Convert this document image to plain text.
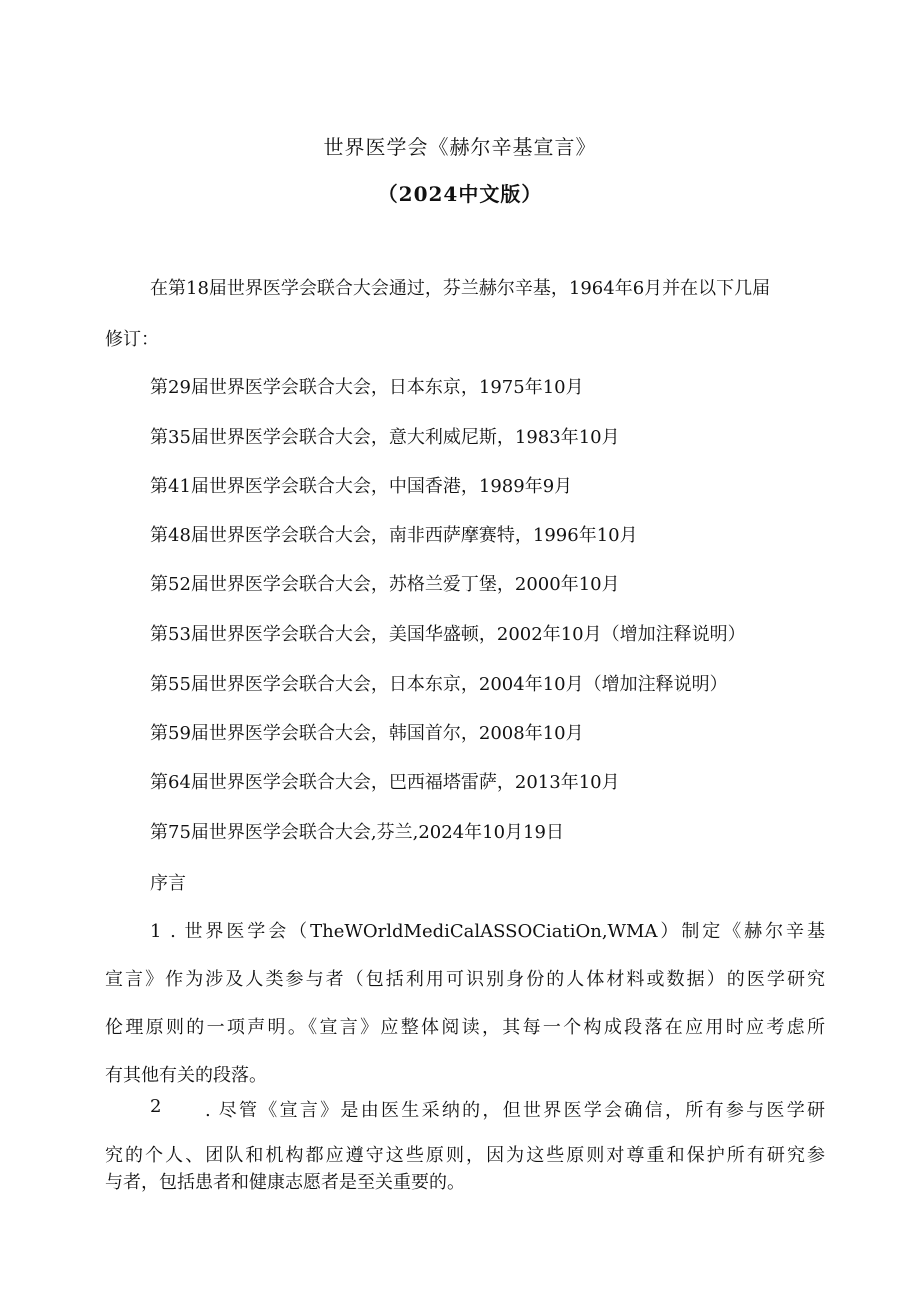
世界医学会《赫尔辛基宣言》
（2024中文版）
在第18届世界医学会联合大会通过，芬兰赫尔辛基，1964年6月并在以下几届
修订：
第29届世界医学会联合大会，日本东京，1975年10月
第35届世界医学会联合大会，意大利威尼斯，1983年10月
第41届世界医学会联合大会，中国香港，1989年9月
第48届世界医学会联合大会，南非西萨摩赛特，1996年10月
第52届世界医学会联合大会，苏格兰爱丁堡，2000年10月
第53届世界医学会联合大会，美国华盛顿，2002年10月（增加注释说明）
第55届世界医学会联合大会，日本东京，2004年10月（增加注释说明）
第59届世界医学会联合大会，韩国首尔，2008年10月
第64届世界医学会联合大会，巴西福塔雷萨，2013年10月
第75届世界医学会联合大会,芬兰,2024年10月19日
序言
1 . 世界医学会（TheWOrldMediCalASSOCiatiOn,WMA）制定《赫尔辛基
宣言》作为涉及人类参与者（包括利用可识别身份的人体材料或数据）的医学研究
伦理原则的一项声明。《宣言》应整体阅读，其每一个构成段落在应用时应考虑所
有其他有关的段落。
2 . 尽管《宣言》是由医生采纳的，但世界医学会确信，所有参与医学研
究的个人、团队和机构都应遵守这些原则，因为这些原则对尊重和保护所有研究参
与者，包括患者和健康志愿者是至关重要的。
